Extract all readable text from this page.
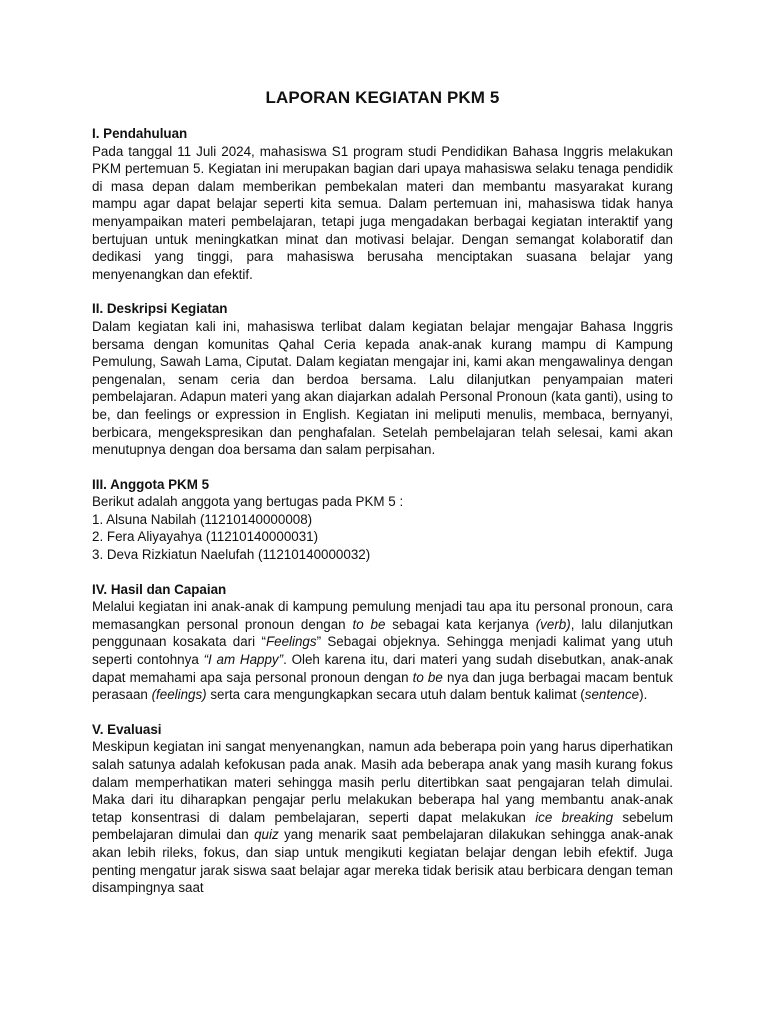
LAPORAN KEGIATAN PKM 5
I. Pendahuluan

Pada tanggal 11 Juli 2024, mahasiswa S1 program studi Pendidikan Bahasa Inggris melakukan PKM pertemuan 5. Kegiatan ini merupakan bagian dari upaya mahasiswa selaku tenaga pendidik di masa depan dalam memberikan pembekalan materi dan membantu masyarakat kurang mampu agar dapat belajar seperti kita semua. Dalam pertemuan ini, mahasiswa tidak hanya menyampaikan materi pembelajaran, tetapi juga mengadakan berbagai kegiatan interaktif yang bertujuan untuk meningkatkan minat dan motivasi belajar. Dengan semangat kolaboratif dan dedikasi yang tinggi, para mahasiswa berusaha menciptakan suasana belajar yang menyenangkan dan efektif.

II. Deskripsi Kegiatan

Dalam kegiatan kali ini, mahasiswa terlibat dalam kegiatan belajar mengajar Bahasa Inggris bersama dengan komunitas Qahal Ceria kepada anak-anak kurang mampu di Kampung Pemulung, Sawah Lama, Ciputat. Dalam kegiatan mengajar ini, kami akan mengawalinya dengan pengenalan, senam ceria dan berdoa bersama. Lalu dilanjutkan penyampaian materi pembelajaran. Adapun materi yang akan diajarkan adalah Personal Pronoun (kata ganti), using to be, dan feelings or expression in English. Kegiatan ini meliputi menulis, membaca, bernyanyi, berbicara, mengekspresikan dan penghafalan. Setelah pembelajaran telah selesai, kami akan menutupnya dengan doa bersama dan salam perpisahan.

III. Anggota PKM 5

Berikut adalah anggota yang bertugas pada PKM 5 :

1. Alsuna Nabilah (11210140000008)
2. Fera Aliyayahya (11210140000031)
3. Deva Rizkiatun Naelufah (11210140000032)
IV. Hasil dan Capaian

Melalui kegiatan ini anak-anak di kampung pemulung menjadi tau apa itu personal pronoun, cara memasangkan personal pronoun dengan to be sebagai kata kerjanya (verb), lalu dilanjutkan penggunaan kosakata dari “Feelings” Sebagai objeknya. Sehingga menjadi kalimat yang utuh seperti contohnya “I am Happy”. Oleh karena itu, dari materi yang sudah disebutkan, anak-anak dapat memahami apa saja personal pronoun dengan to be nya dan juga berbagai macam bentuk perasaan (feelings) serta cara mengungkapkan secara utuh dalam bentuk kalimat (sentence).

V. Evaluasi

Meskipun kegiatan ini sangat menyenangkan, namun ada beberapa poin yang harus diperhatikan salah satunya adalah kefokusan pada anak. Masih ada beberapa anak yang masih kurang fokus dalam memperhatikan materi sehingga masih perlu ditertibkan saat pengajaran telah dimulai. Maka dari itu diharapkan pengajar perlu melakukan beberapa hal yang membantu anak-anak tetap konsentrasi di dalam pembelajaran, seperti dapat melakukan ice breaking sebelum pembelajaran dimulai dan quiz yang menarik saat pembelajaran dilakukan sehingga anak-anak akan lebih rileks, fokus, dan siap untuk mengikuti kegiatan belajar dengan lebih efektif. Juga penting mengatur jarak siswa saat belajar agar mereka tidak berisik atau berbicara dengan teman disampingnya saat
